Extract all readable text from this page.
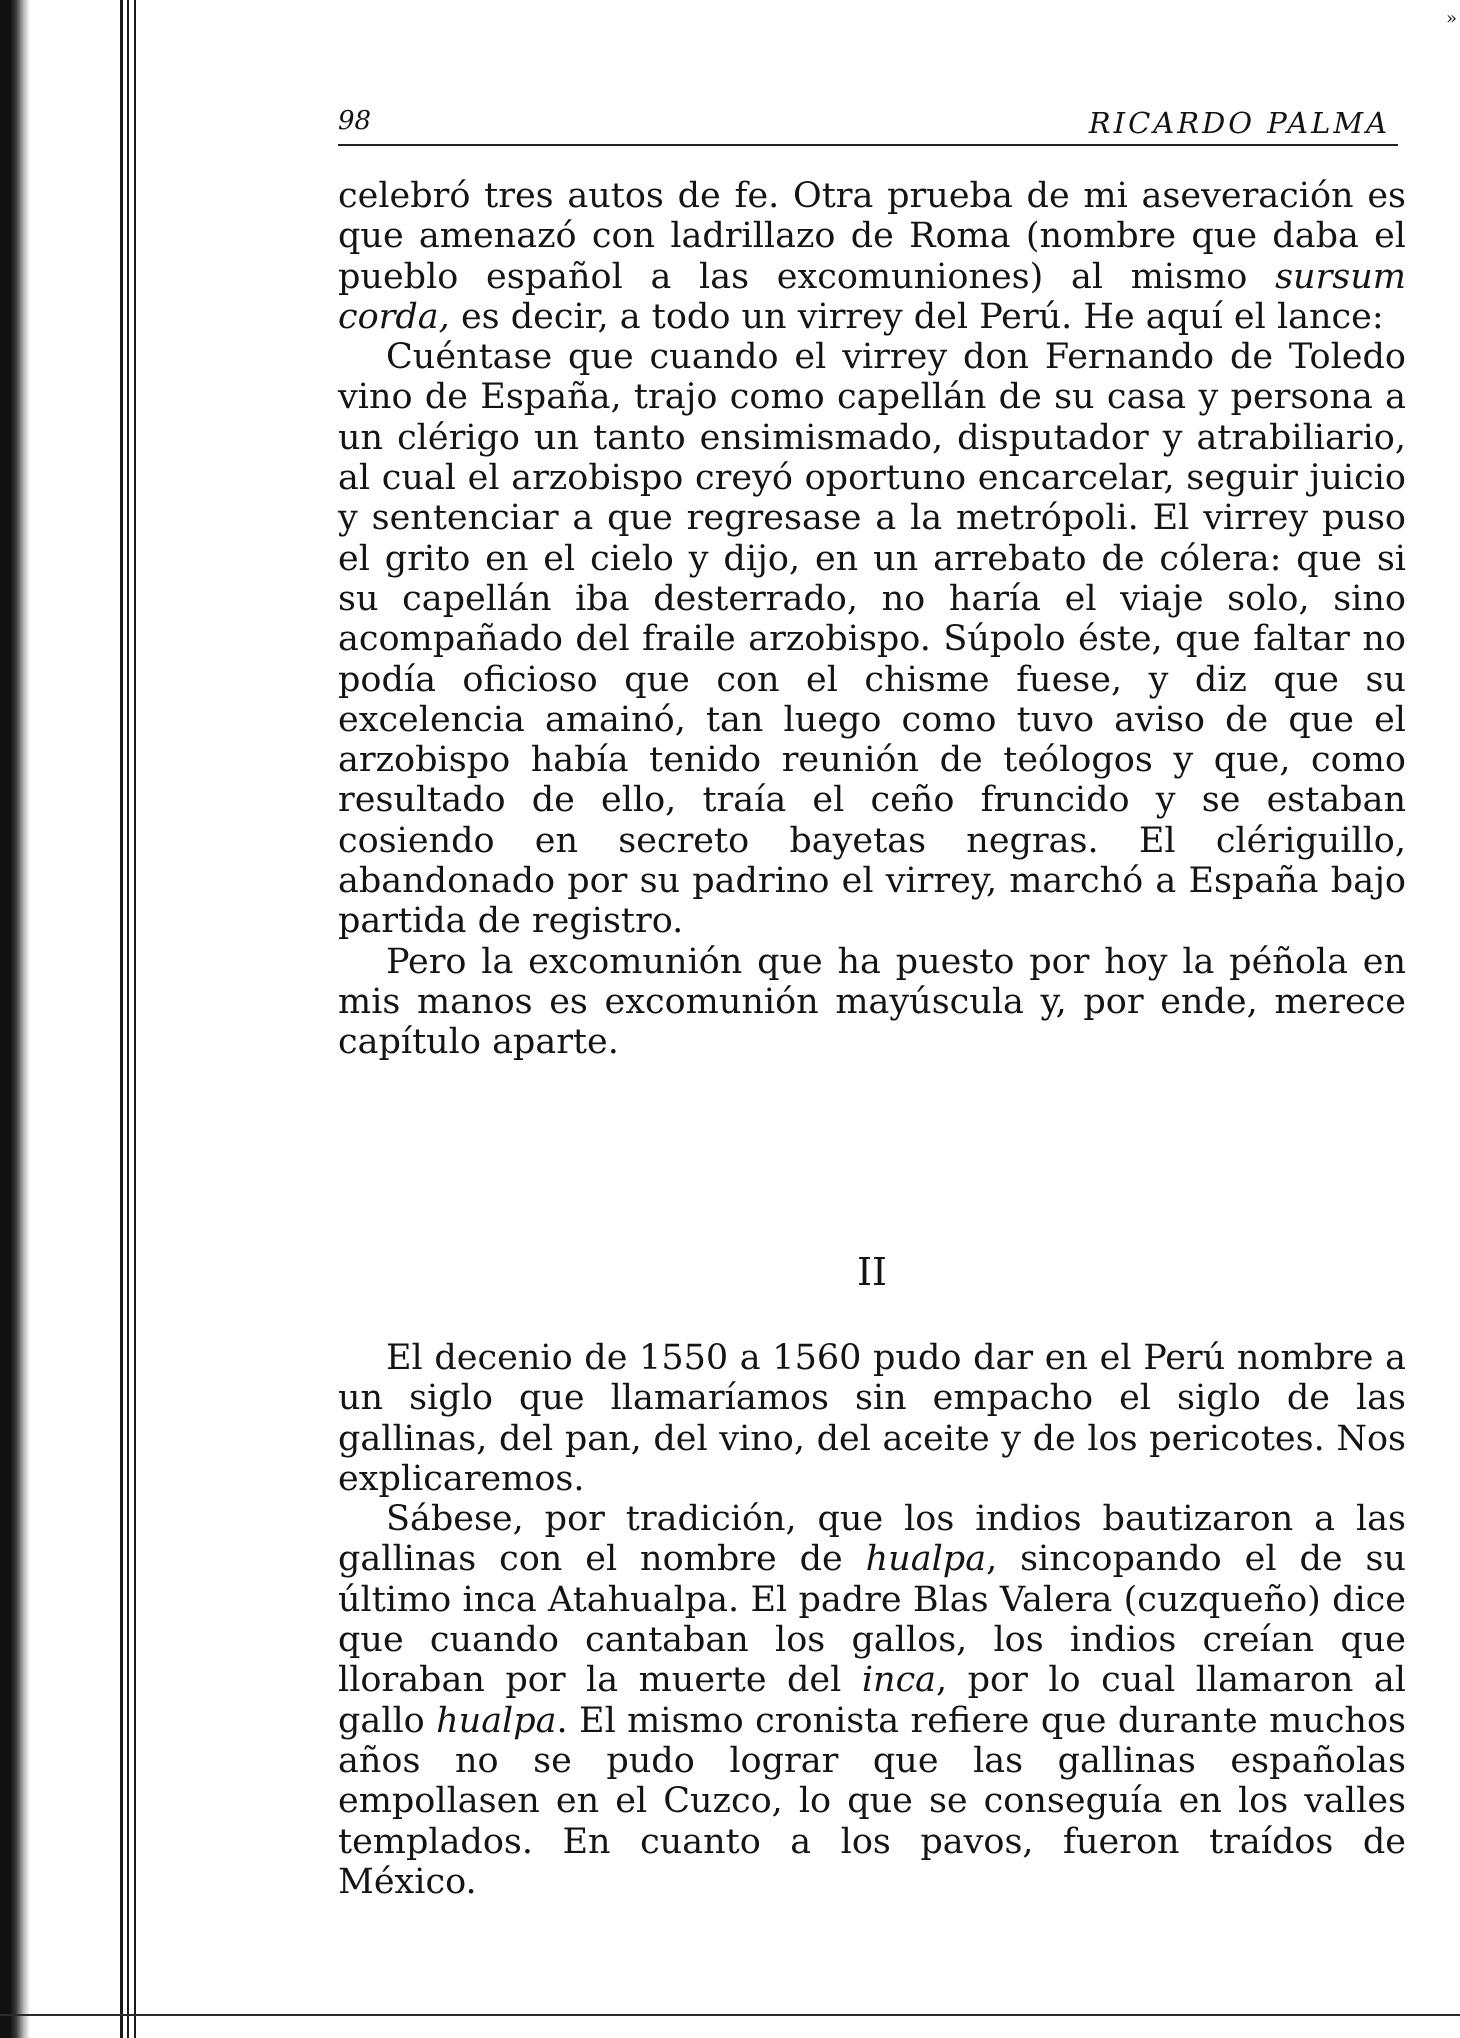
»
98	RICARDO PALMA

celebró tres autos de fe. Otra prueba de mi aseveración es que amenazó con ladrillazo de Roma (nombre que daba el pueblo español a las excomuniones) al mismo sursum corda, es decir, a todo un virrey del Perú. He aquí el lance:

Cuéntase que cuando el virrey don Fernando de Toledo vino de España, trajo como capellán de su casa y persona a un clérigo un tanto ensimismado, disputador y atrabiliario, al cual el arzobispo creyó oportuno encarcelar, seguir juicio y sentenciar a que regresase a la metrópoli. El virrey puso el grito en el cielo y dijo, en un arrebato de cólera: que si su capellán iba desterrado, no haría el viaje solo, sino acompañado del fraile arzobispo. Súpolo éste, que faltar no podía oficioso que con el chisme fuese, y diz que su excelencia amainó, tan luego como tuvo aviso de que el arzobispo había tenido reunión de teólogos y que, como resultado de ello, traía el ceño fruncido y se estaban cosiendo en secreto bayetas negras. El clériguillo, abandonado por su padrino el virrey, marchó a España bajo partida de registro.

Pero la excomunión que ha puesto por hoy la péñola en mis manos es excomunión mayúscula y, por ende, merece capítulo aparte.

II

El decenio de 1550 a 1560 pudo dar en el Perú nombre a un siglo que llamaríamos sin empacho el siglo de las gallinas, del pan, del vino, del aceite y de los pericotes. Nos explicaremos.

Sábese, por tradición, que los indios bautizaron a las gallinas con el nombre de hualpa, sincopando el de su último inca Atahualpa. El padre Blas Valera (cuzqueño) dice que cuando cantaban los gallos, los indios creían que lloraban por la muerte del inca, por lo cual llamaron al gallo hualpa. El mismo cronista refiere que durante muchos años no se pudo lograr que las gallinas españolas empollasen en el Cuzco, lo que se conseguía en los valles templados. En cuanto a los pavos, fueron traídos de México.
